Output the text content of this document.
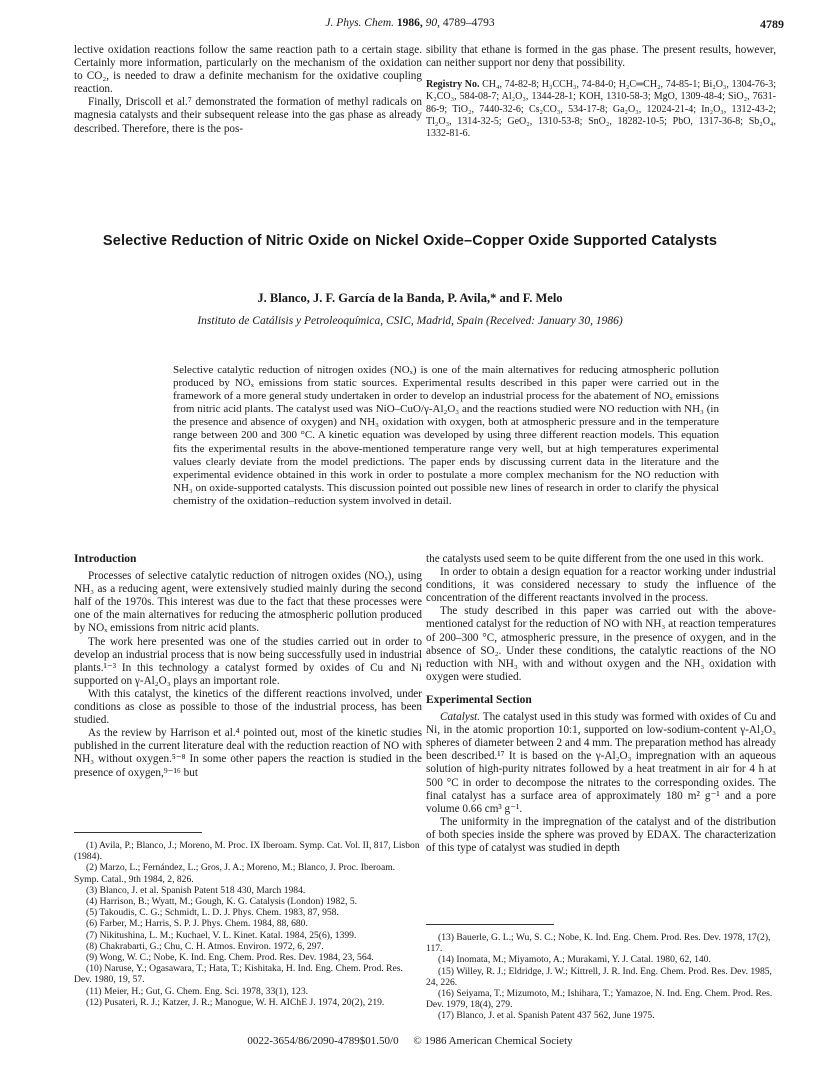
J. Phys. Chem. 1986, 90, 4789–4793	4789

lective oxidation reactions follow the same reaction path to a certain stage. Certainly more information, particularly on the mechanism of the oxidation to CO₂, is needed to draw a definite mechanism for the oxidative coupling reaction.

Finally, Driscoll et al.⁷ demonstrated the formation of methyl radicals on magnesia catalysts and their subsequent release into the gas phase as already described. Therefore, there is the pos-

sibility that ethane is formed in the gas phase. The present results, however, can neither support nor deny that possibility.

Registry No. CH₄, 74-82-8; H₃CCH₃, 74-84-0; H₂C═CH₂, 74-85-1; Bi₂O₃, 1304-76-3; K₂CO₃, 584-08-7; Al₂O₃, 1344-28-1; KOH, 1310-58-3; MgO, 1309-48-4; SiO₂, 7631-86-9; TiO₂, 7440-32-6; Cs₂CO₃, 534-17-8; Ga₂O₃, 12024-21-4; In₂O₃, 1312-43-2; Tl₂O₃, 1314-32-5; GeO₂, 1310-53-8; SnO₂, 18282-10-5; PbO, 1317-36-8; Sb₂O₄, 1332-81-6.

Selective Reduction of Nitric Oxide on Nickel Oxide–Copper Oxide Supported Catalysts
J. Blanco, J. F. García de la Banda, P. Avila,* and F. Melo
Instituto de Catálisis y Petroleoquímica, CSIC, Madrid, Spain (Received: January 30, 1986)
Selective catalytic reduction of nitrogen oxides (NOₓ) is one of the main alternatives for reducing atmospheric pollution produced by NOₓ emissions from static sources. Experimental results described in this paper were carried out in the framework of a more general study undertaken in order to develop an industrial process for the abatement of NOₓ emissions from nitric acid plants. The catalyst used was NiO–CuO/γ-Al₂O₃ and the reactions studied were NO reduction with NH₃ (in the presence and absence of oxygen) and NH₃ oxidation with oxygen, both at atmospheric pressure and in the temperature range between 200 and 300 °C. A kinetic equation was developed by using three different reaction models. This equation fits the experimental results in the above-mentioned temperature range very well, but at high temperatures experimental values clearly deviate from the model predictions. The paper ends by discussing current data in the literature and the experimental evidence obtained in this work in order to postulate a more complex mechanism for the NO reduction with NH₃ on oxide-supported catalysts. This discussion pointed out possible new lines of research in order to clarify the physical chemistry of the oxidation–reduction system involved in detail.

Introduction

Processes of selective catalytic reduction of nitrogen oxides (NOₓ), using NH₃ as a reducing agent, were extensively studied mainly during the second half of the 1970s. This interest was due to the fact that these processes were one of the main alternatives for reducing the atmospheric pollution produced by NOₓ emissions from nitric acid plants.

The work here presented was one of the studies carried out in order to develop an industrial process that is now being successfully used in industrial plants.¹⁻³ In this technology a catalyst formed by oxides of Cu and Ni supported on γ-Al₂O₃ plays an important role.

With this catalyst, the kinetics of the different reactions involved, under conditions as close as possible to those of the industrial process, has been studied.

As the review by Harrison et al.⁴ pointed out, most of the kinetic studies published in the current literature deal with the reduction reaction of NO with NH₃ without oxygen.⁵⁻⁸ In some other papers the reaction is studied in the presence of oxygen,⁹⁻¹⁶ but

(1) Avila, P.; Blanco, J.; Moreno, M. Proc. IX Iberoam. Symp. Cat. Vol. II, 817, Lisbon (1984).
(2) Marzo, L.; Fernández, L.; Gros, J. A.; Moreno, M.; Blanco, J. Proc. Iberoam. Symp. Catal., 9th 1984, 2, 826.
(3) Blanco, J. et al. Spanish Patent 518 430, March 1984.
(4) Harrison, B.; Wyatt, M.; Gough, K. G. Catalysis (London) 1982, 5.
(5) Takoudis, C. G.; Schmidt, L. D. J. Phys. Chem. 1983, 87, 958.
(6) Farber, M.; Harris, S. P. J. Phys. Chem. 1984, 88, 680.
(7) Nikitushina, L. M.; Kuchael, V. L. Kinet. Katal. 1984, 25(6), 1399.
(8) Chakrabarti, G.; Chu, C. H. Atmos. Environ. 1972, 6, 297.
(9) Wong, W. C.; Nobe, K. Ind. Eng. Chem. Prod. Res. Dev. 1984, 23, 564.
(10) Naruse, Y.; Ogasawara, T.; Hata, T.; Kishitaka, H. Ind. Eng. Chem. Prod. Res. Dev. 1980, 19, 57.
(11) Meier, H.; Gut, G. Chem. Eng. Sci. 1978, 33(1), 123.
(12) Pusateri, R. J.; Katzer, J. R.; Manogue, W. H. AIChE J. 1974, 20(2), 219.

the catalysts used seem to be quite different from the one used in this work.

In order to obtain a design equation for a reactor working under industrial conditions, it was considered necessary to study the influence of the concentration of the different reactants involved in the process.

The study described in this paper was carried out with the above-mentioned catalyst for the reduction of NO with NH₃ at reaction temperatures of 200–300 °C, atmospheric pressure, in the presence of oxygen, and in the absence of SO₂. Under these conditions, the catalytic reactions of the NO reduction with NH₃ with and without oxygen and the NH₃ oxidation with oxygen were studied.

Experimental Section

Catalyst. The catalyst used in this study was formed with oxides of Cu and Ni, in the atomic proportion 10:1, supported on low-sodium-content γ-Al₂O₃ spheres of diameter between 2 and 4 mm. The preparation method has already been described.¹⁷ It is based on the γ-Al₂O₃ impregnation with an aqueous solution of high-purity nitrates followed by a heat treatment in air for 4 h at 500 °C in order to decompose the nitrates to the corresponding oxides. The final catalyst has a surface area of approximately 180 m² g⁻¹ and a pore volume 0.66 cm³ g⁻¹.

The uniformity in the impregnation of the catalyst and of the distribution of both species inside the sphere was proved by EDAX. The characterization of this type of catalyst was studied in depth

(13) Bauerle, G. L.; Wu, S. C.; Nobe, K. Ind. Eng. Chem. Prod. Res. Dev. 1978, 17(2), 117.
(14) Inomata, M.; Miyamoto, A.; Murakami, Y. J. Catal. 1980, 62, 140.
(15) Willey, R. J.; Eldridge, J. W.; Kittrell, J. R. Ind. Eng. Chem. Prod. Res. Dev. 1985, 24, 226.
(16) Seiyama, T.; Mizumoto, M.; Ishihara, T.; Yamazoe, N. Ind. Eng. Chem. Prod. Res. Dev. 1979, 18(4), 279.
(17) Blanco, J. et al. Spanish Patent 437 562, June 1975.
0022-3654/86/2090-4789$01.50/0 © 1986 American Chemical Society
